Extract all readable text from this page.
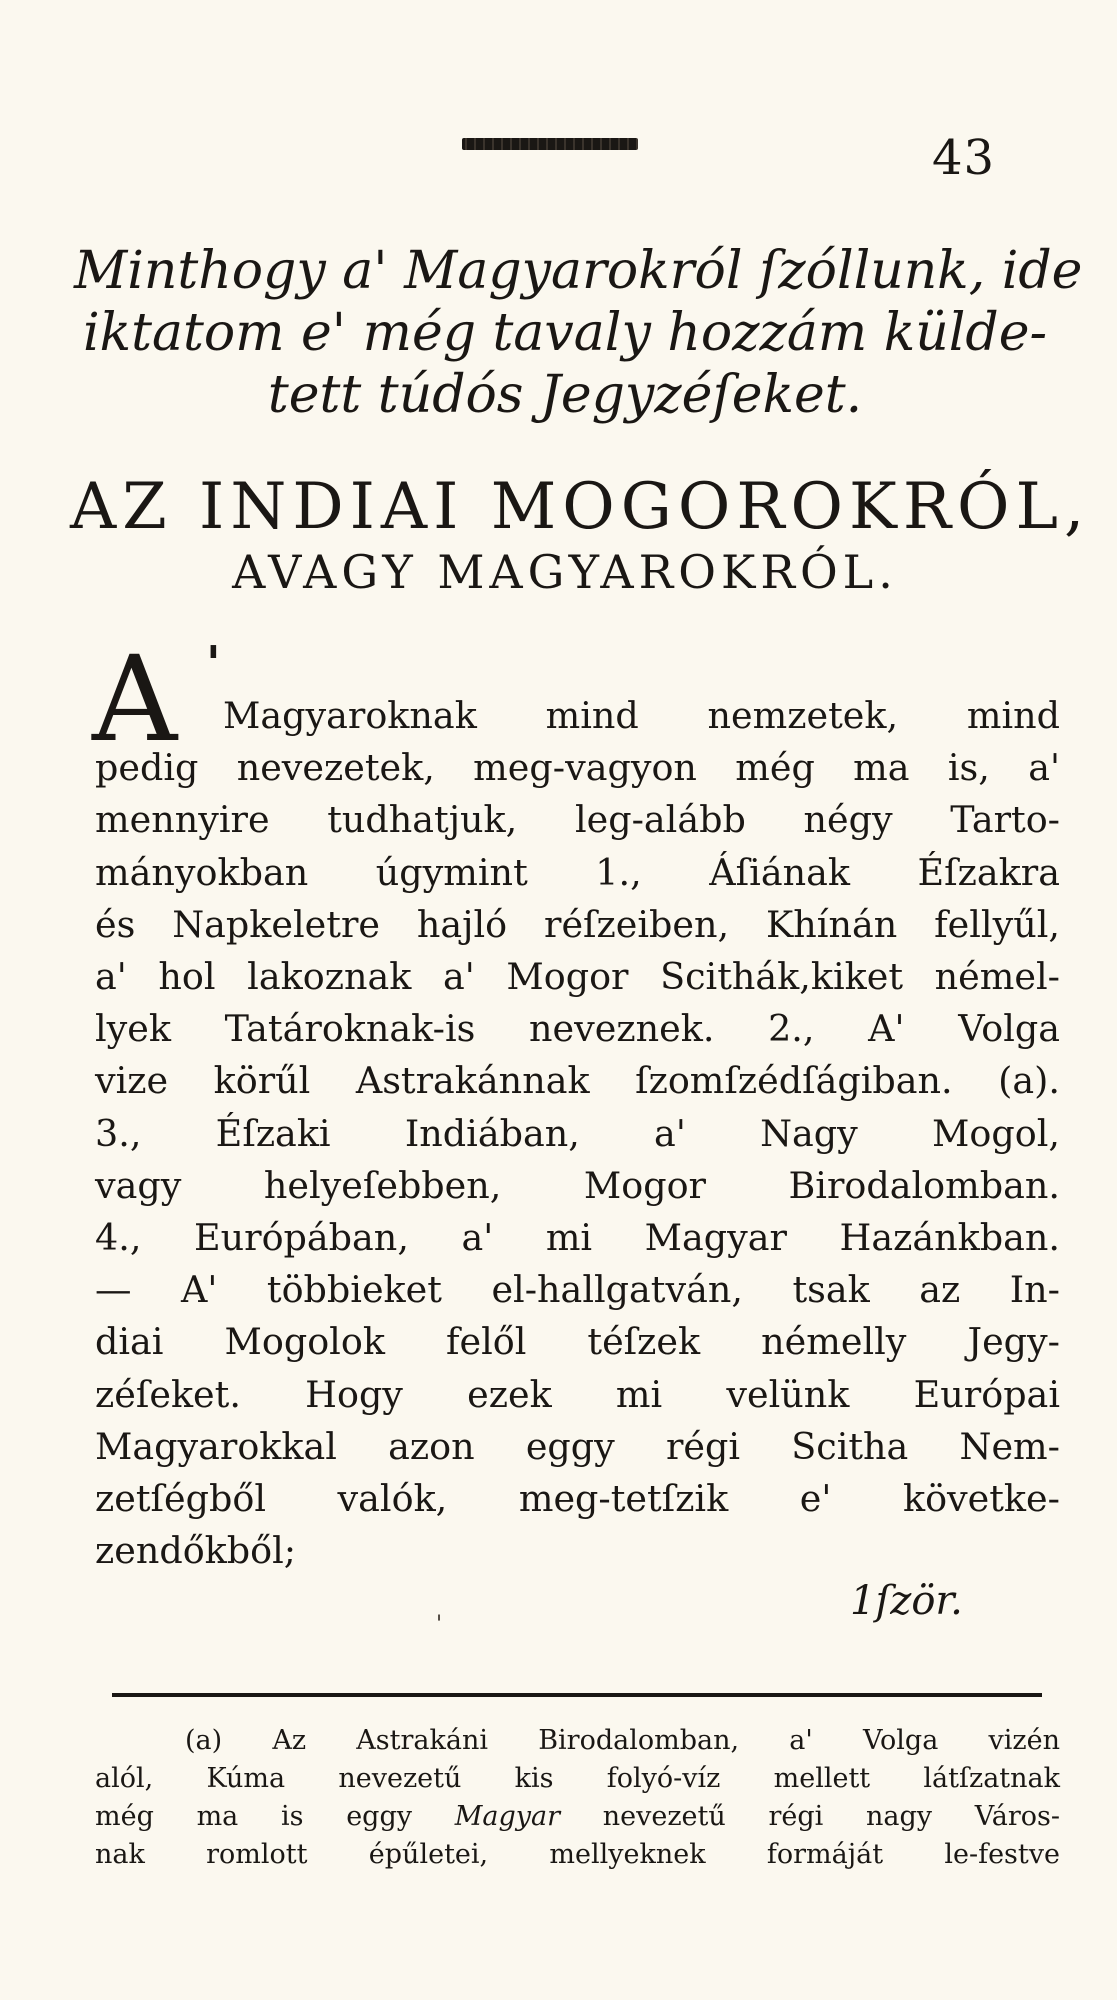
43

Minthogy a' Magyarokról ſzóllunk, ide
iktatom e' még tavaly hozzám külde-
tett túdós Jegyzéſeket.

AZ INDIAI MOGOROKRÓL,
AVAGY MAGYAROKRÓL.
A '

Magyaroknak mind nemzetek, mind
pedig nevezetek, meg-vagyon még ma is, a'
mennyire tudhatjuk, leg-alább négy Tarto-
mányokban úgymint 1., Áſiának Éſzakra
és Napkeletre hajló réſzeiben, Khínán fellyűl,
a' hol lakoznak a' Mogor Scithák,kiket némel-
lyek Tatároknak-is neveznek. 2., A' Volga
vize körűl Astrakánnak ſzomſzédſágiban. (a).
3., Éſzaki Indiában, a' Nagy Mogol,
vagy helyeſebben, Mogor Birodalomban.
4., Európában, a' mi Magyar Hazánkban.
— A' többieket el-hallgatván, tsak az In-
diai Mogolok felől téſzek némelly Jegy-
zéſeket. Hogy ezek mi velünk Európai
Magyarokkal azon eggy régi Scitha Nem-
zetſégből valók, meg-tetſzik e' követke-
zendőkből;

1ſzör.
'

(a) Az Astrakáni Birodalomban, a' Volga vizén
alól, Kúma nevezetű kis folyó-víz mellett látſzatnak
még ma is eggy Magyar nevezetű régi nagy Város-
nak romlott épűletei, mellyeknek formáját le-festve
